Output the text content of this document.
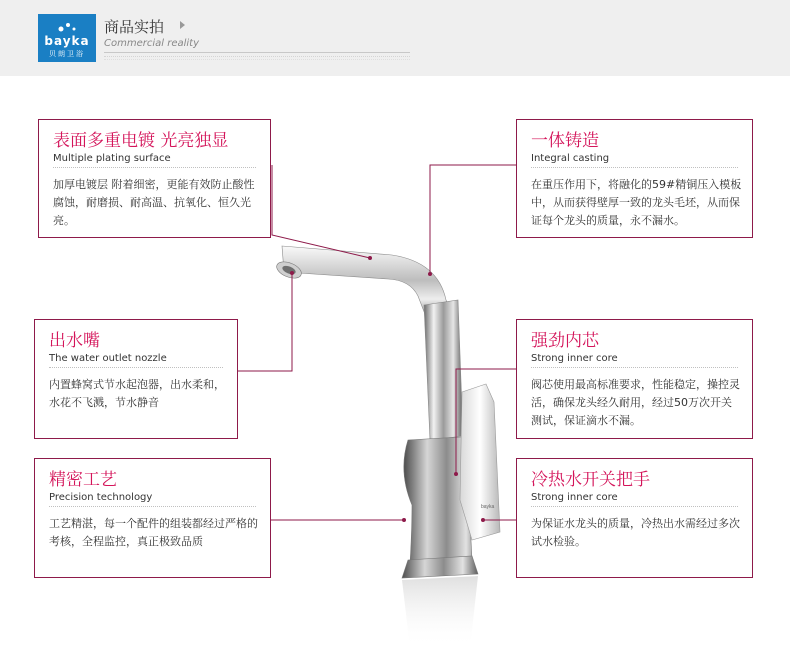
bayka
贝朗卫浴
商品实拍
Commercial reality
bayka
表面多重电镀 光亮独显
Multiple plating surface
加厚电镀层 附着细密，更能有效防止酸性腐蚀，耐磨损、耐高温、抗氧化、恒久光亮。
一体铸造
Integral casting
在重压作用下，将融化的59#精铜压入模板中，从而获得壁厚一致的龙头毛坯，从而保证每个龙头的质量，永不漏水。
出水嘴
The water outlet nozzle
内置蜂窝式节水起泡器，出水柔和，水花不飞溅，节水静音
强劲内芯
Strong inner core
阀芯使用最高标准要求，性能稳定，操控灵活，确保龙头经久耐用，经过50万次开关测试，保证滴水不漏。
精密工艺
Precision technology
工艺精湛，每一个配件的组装都经过严格的考核，全程监控，真正极致品质
冷热水开关把手
Strong inner core
为保证水龙头的质量，冷热出水需经过多次试水检验。
